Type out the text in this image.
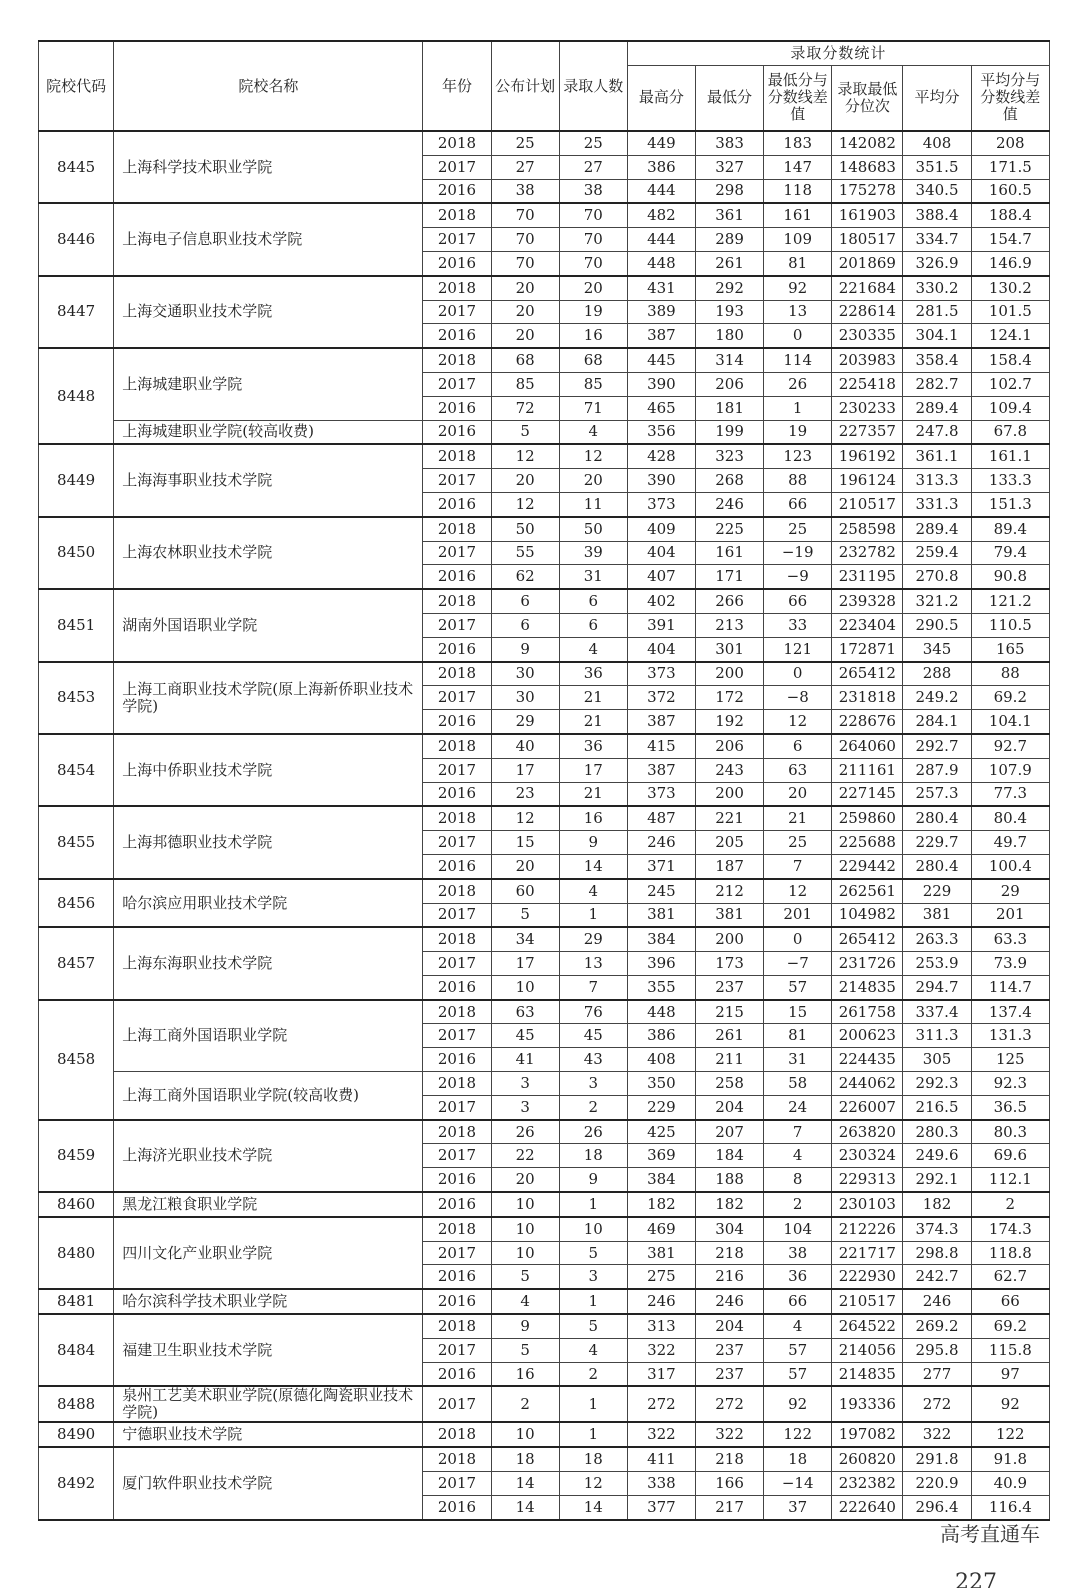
院校代码	院校名称	年份	公布计划	录取人数	录取分数统计					
					最高分	最低分	最低分与分数线差值	录取最低分位次	平均分	平均分与分数线差值
8445	上海科学技术职业学院	2018	25	25	449	383	183	142082	408	208
		2017	27	27	386	327	147	148683	351.5	171.5
		2016	38	38	444	298	118	175278	340.5	160.5
8446	上海电子信息职业技术学院	2018	70	70	482	361	161	161903	388.4	188.4
		2017	70	70	444	289	109	180517	334.7	154.7
		2016	70	70	448	261	81	201869	326.9	146.9
8447	上海交通职业技术学院	2018	20	20	431	292	92	221684	330.2	130.2
		2017	20	19	389	193	13	228614	281.5	101.5
		2016	20	16	387	180	0	230335	304.1	124.1
8448	上海城建职业学院	2018	68	68	445	314	114	203983	358.4	158.4
		2017	85	85	390	206	26	225418	282.7	102.7
		2016	72	71	465	181	1	230233	289.4	109.4
	上海城建职业学院(较高收费)	2016	5	4	356	199	19	227357	247.8	67.8
8449	上海海事职业技术学院	2018	12	12	428	323	123	196192	361.1	161.1
		2017	20	20	390	268	88	196124	313.3	133.3
		2016	12	11	373	246	66	210517	331.3	151.3
8450	上海农林职业技术学院	2018	50	50	409	225	25	258598	289.4	89.4
		2017	55	39	404	161	−19	232782	259.4	79.4
		2016	62	31	407	171	−9	231195	270.8	90.8
8451	湖南外国语职业学院	2018	6	6	402	266	66	239328	321.2	121.2
		2017	6	6	391	213	33	223404	290.5	110.5
		2016	9	4	404	301	121	172871	345	165
8453	上海工商职业技术学院(原上海新侨职业技术学院)	2018	30	36	373	200	0	265412	288	88
		2017	30	21	372	172	−8	231818	249.2	69.2
		2016	29	21	387	192	12	228676	284.1	104.1
8454	上海中侨职业技术学院	2018	40	36	415	206	6	264060	292.7	92.7
		2017	17	17	387	243	63	211161	287.9	107.9
		2016	23	21	373	200	20	227145	257.3	77.3
8455	上海邦德职业技术学院	2018	12	16	487	221	21	259860	280.4	80.4
		2017	15	9	246	205	25	225688	229.7	49.7
		2016	20	14	371	187	7	229442	280.4	100.4
8456	哈尔滨应用职业技术学院	2018	60	4	245	212	12	262561	229	29
		2017	5	1	381	381	201	104982	381	201
8457	上海东海职业技术学院	2018	34	29	384	200	0	265412	263.3	63.3
		2017	17	13	396	173	−7	231726	253.9	73.9
		2016	10	7	355	237	57	214835	294.7	114.7
8458	上海工商外国语职业学院	2018	63	76	448	215	15	261758	337.4	137.4
		2017	45	45	386	261	81	200623	311.3	131.3
		2016	41	43	408	211	31	224435	305	125
	上海工商外国语职业学院(较高收费)	2018	3	3	350	258	58	244062	292.3	92.3
		2017	3	2	229	204	24	226007	216.5	36.5
8459	上海济光职业技术学院	2018	26	26	425	207	7	263820	280.3	80.3
		2017	22	18	369	184	4	230324	249.6	69.6
		2016	20	9	384	188	8	229313	292.1	112.1
8460	黑龙江粮食职业学院	2016	10	1	182	182	2	230103	182	2
8480	四川文化产业职业学院	2018	10	10	469	304	104	212226	374.3	174.3
		2017	10	5	381	218	38	221717	298.8	118.8
		2016	5	3	275	216	36	222930	242.7	62.7
8481	哈尔滨科学技术职业学院	2016	4	1	246	246	66	210517	246	66
8484	福建卫生职业技术学院	2018	9	5	313	204	4	264522	269.2	69.2
		2017	5	4	322	237	57	214056	295.8	115.8
		2016	16	2	317	237	57	214835	277	97
8488	泉州工艺美术职业学院(原德化陶瓷职业技术学院)	2017	2	1	272	272	92	193336	272	92
8490	宁德职业技术学院	2018	10	1	322	322	122	197082	322	122
8492	厦门软件职业技术学院	2018	18	18	411	218	18	260820	291.8	91.8
		2017	14	12	338	166	−14	232382	220.9	40.9
		2016	14	14	377	217	37	222640	296.4	116.4
高考直通车
227
